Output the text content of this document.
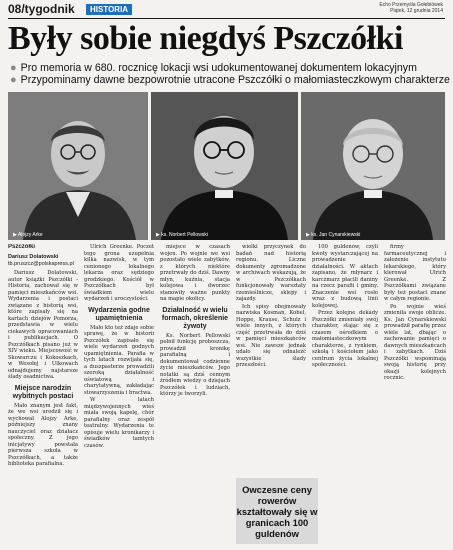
08/tygodnik	HISTORIA	Echo Przemyśla Gołebiówek
Piątek, 12 grudnia 2014
Były sobie niegdyś Pszczółki
● Pro memoria w 680. rocznicę lokacji wsi udokumentowanej dokumentem lokacyjnym
● Przypominamy dawne bezpowrotnie utracone Pszczółki o małomiasteczkowym charakterze
▶ Alojzy Arke	▶ ks. Norbert Pellowski	▶ ks. Jan Cynarskiewski
Pszczółki
Dariusz Dolatowski
tb.pruszcz@polskapress.pl

Dariusz Dolatowski, autor książki Pszczółki - Historia, zachował się w pamięci mieszkańców wsi. Wydarzenia i postaci związane z historią wsi, które zapisały się na kartach dziejów Pomorza, przedstawia w wielu ciekawych opracowaniach i publikacjach. O Pszczółkach pisano już w XIV wieku. Miejscowość w Skowarczu i Kokoszkach, w Wesołej i Ulkowach odnajdujemy najstarsze ślady osadnictwa.

Miejsce narodzin wybitnych postaci

Mało znanym jest fakt, że we wsi urodził się i wychował Alojzy Arke, późniejszy znany nauczyciel oraz działacz społeczny. Z jego inicjatywy powstała pierwsza szkoła w Pszczółkach, a także biblioteka parafialna.

Ulrich Greenke. Poczet tego grona uzupełnia kilka nazwisk, w tym cenionego lokalnego lekarza oraz sędziego grodzkiego. Kościół w Pszczółkach był świadkiem wielu wydarzeń i uroczystości.

Wydarzenia godne upamiętnienia

Mało kto też zdaje sobie sprawę, że w historii Pszczółek zapisało się wiele wydarzeń godnych upamiętnienia. Parafia w tych latach rozwijała się, a duszpasterze prowadzili szeroką działalność oświatową i charytatywną, zakładając stowarzyszenia i bractwa.

W latach międzywojennych wieś miała swoją kapelę, chór parafialny oraz zespół teatralny. Wydarzenia te opisuje wielu kronikarzy i świadków tamtych czasów.

miejsce w czasach wojen. Po wojnie we wsi pozostało wiele zabytków, z których niektóre przetrwały do dziś. Dawny młyn, kuźnia, stacja kolejowa i dworzec stanowiły ważne punkty na mapie okolicy.

Działalność w wielu formach, określenie żywoty

Ks. Norbert Pellowski pełnił funkcję proboszcza, prowadził kronikę parafialną i dokumentował codzienne życie mieszkańców. Jego notatki są dziś cennym źródłem wiedzy o dziejach Pszczółek i ludziach, którzy je tworzyli.

wielki przyczynek do badań nad historią regionu. Liczne dokumenty zgromadzone w archiwach wskazują, że w Pszczółkach funkcjonowały warsztaty rzemieślnicze, sklepy i zajazdy.

Ich spisy obejmowały nazwiska Kosman, Kobel, Hoppe, Krause, Schulz i wiele innych, z których część przetrwała do dziś w pamięci mieszkańców wsi. Nie zawsze jednak udało się odnaleźć wszystkie ślady przeszłości.

100 guldenów, czyli kwoty wystarczającej na prowadzenie działalności. W aktach zapisano, że młynarz i karczmarz płacili daniny na rzecz parafii i gminy. Znaczenie wsi rosło wraz z budową linii kolejowej.

Przez kolejne dekady Pszczółki zmieniały swój charakter, stając się z czasem ośrodkiem o małomiasteczkowym charakterze, z rynkiem, szkołą i kościołem jako centrum życia lokalnej społeczności.

firmy farmaceutycznej i założenie instytutu lekarskiego, który kierował Ulrich Greenke. Z Pszczółkami związane były też postaci znane w całym regionie.

Po wojnie wieś zmieniła swoje oblicze. Ks. Jan Cynarskiewski prowadził parafię przez wiele lat, dbając o zachowanie pamięci o dawnych mieszkańcach i zabytkach. Dziś Pszczółki wspominają swoją historię przy okazji kolejnych rocznic.

Owczesne ceny rowerów kształtowały się w granicach 100 guldenów
